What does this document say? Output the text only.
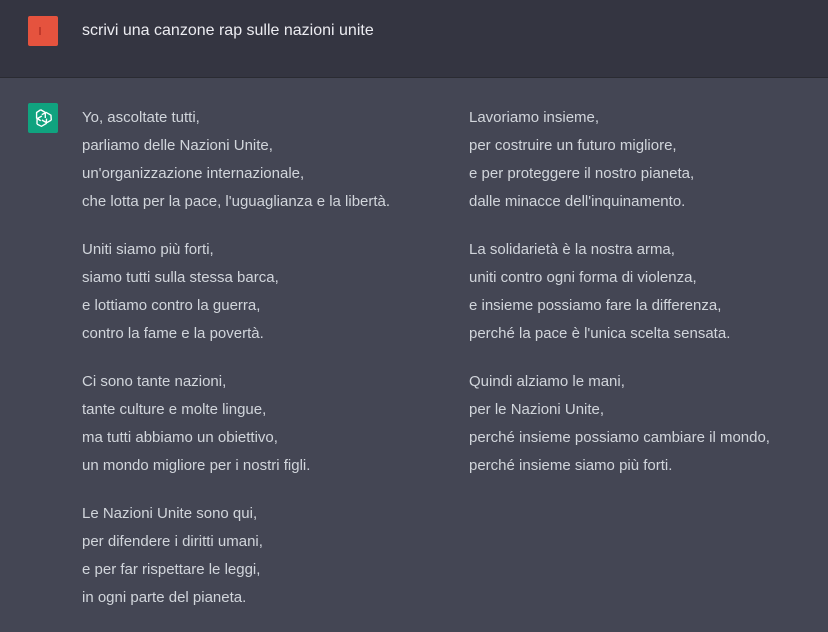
scrivi una canzone rap sulle nazioni unite
Yo, ascoltate tutti,
parliamo delle Nazioni Unite,
un'organizzazione internazionale,
che lotta per la pace, l'uguaglianza e la libertà.
Uniti siamo più forti,
siamo tutti sulla stessa barca,
e lottiamo contro la guerra,
contro la fame e la povertà.
Ci sono tante nazioni,
tante culture e molte lingue,
ma tutti abbiamo un obiettivo,
un mondo migliore per i nostri figli.
Le Nazioni Unite sono qui,
per difendere i diritti umani,
e per far rispettare le leggi,
in ogni parte del pianeta.
Lavoriamo insieme,
per costruire un futuro migliore,
e per proteggere il nostro pianeta,
dalle minacce dell'inquinamento.
La solidarietà è la nostra arma,
uniti contro ogni forma di violenza,
e insieme possiamo fare la differenza,
perché la pace è l'unica scelta sensata.
Quindi alziamo le mani,
per le Nazioni Unite,
perché insieme possiamo cambiare il mondo,
perché insieme siamo più forti.
